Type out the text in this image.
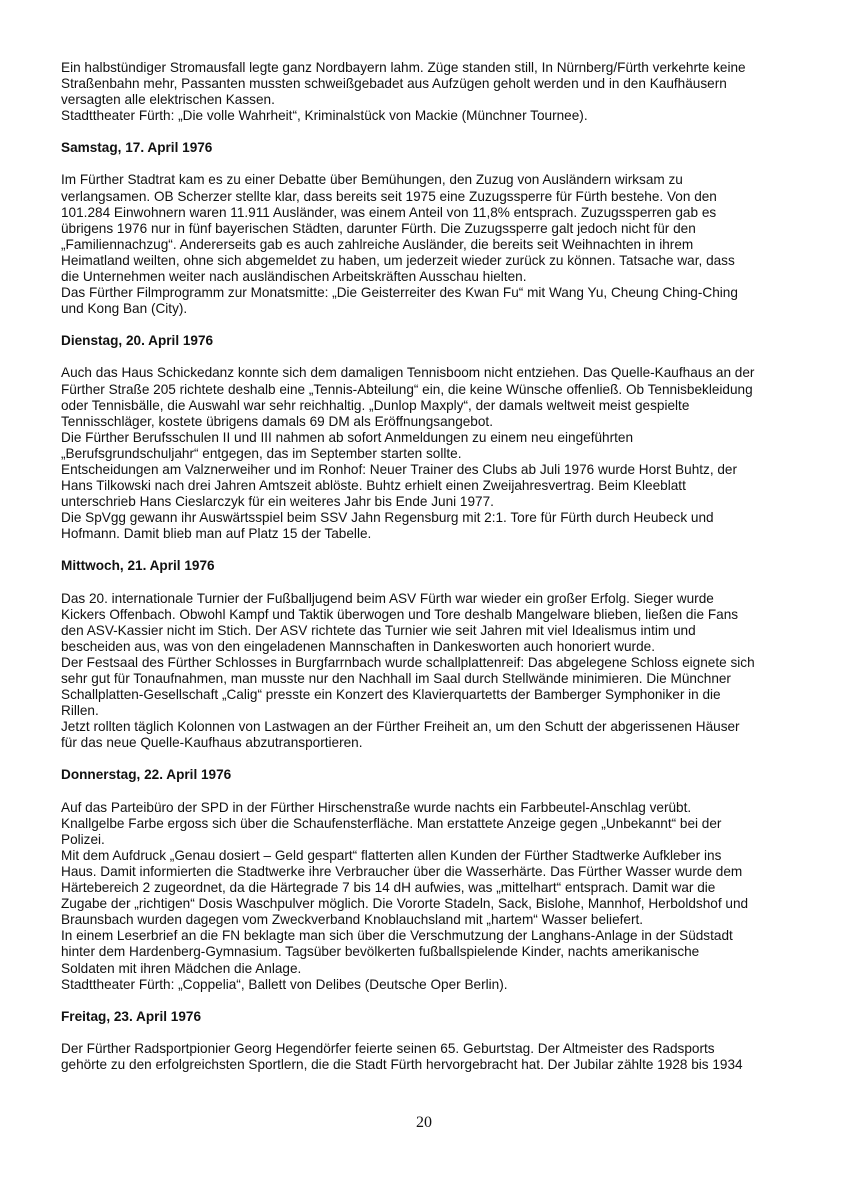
Ein halbstündiger Stromausfall legte ganz Nordbayern lahm. Züge standen still, In Nürnberg/Fürth verkehrte keine
Straßenbahn mehr, Passanten mussten schweißgebadet aus Aufzügen geholt werden und in den Kaufhäusern
versagten alle elektrischen Kassen.
Stadttheater Fürth: „Die volle Wahrheit“, Kriminalstück von Mackie (Münchner Tournee).

Samstag, 17. April 1976

Im Fürther Stadtrat kam es zu einer Debatte über Bemühungen, den Zuzug von Ausländern wirksam zu
verlangsamen. OB Scherzer stellte klar, dass bereits seit 1975 eine Zuzugssperre für Fürth bestehe. Von den
101.284 Einwohnern waren 11.911 Ausländer, was einem Anteil von 11,8% entsprach. Zuzugssperren gab es
übrigens 1976 nur in fünf bayerischen Städten, darunter Fürth. Die Zuzugssperre galt jedoch nicht für den
„Familiennachzug“. Andererseits gab es auch zahlreiche Ausländer, die bereits seit Weihnachten in ihrem
Heimatland weilten, ohne sich abgemeldet zu haben, um jederzeit wieder zurück zu können. Tatsache war, dass
die Unternehmen weiter nach ausländischen Arbeitskräften Ausschau hielten.
Das Fürther Filmprogramm zur Monatsmitte: „Die Geisterreiter des Kwan Fu“ mit Wang Yu, Cheung Ching-Ching
und Kong Ban (City).

Dienstag, 20. April 1976

Auch das Haus Schickedanz konnte sich dem damaligen Tennisboom nicht entziehen. Das Quelle-Kaufhaus an der
Fürther Straße 205 richtete deshalb eine „Tennis-Abteilung“ ein, die keine Wünsche offenließ. Ob Tennisbekleidung
oder Tennisbälle, die Auswahl war sehr reichhaltig. „Dunlop Maxply“, der damals weltweit meist gespielte
Tennisschläger, kostete übrigens damals 69 DM als Eröffnungsangebot.
Die Fürther Berufsschulen II und III nahmen ab sofort Anmeldungen zu einem neu eingeführten
„Berufsgrundschuljahr“ entgegen, das im September starten sollte.
Entscheidungen am Valznerweiher und im Ronhof: Neuer Trainer des Clubs ab Juli 1976 wurde Horst Buhtz, der
Hans Tilkowski nach drei Jahren Amtszeit ablöste. Buhtz erhielt einen Zweijahresvertrag. Beim Kleeblatt
unterschrieb Hans Cieslarczyk für ein weiteres Jahr bis Ende Juni 1977.
Die SpVgg gewann ihr Auswärtsspiel beim SSV Jahn Regensburg mit 2:1. Tore für Fürth durch Heubeck und
Hofmann. Damit blieb man auf Platz 15 der Tabelle.

Mittwoch, 21. April 1976

Das 20. internationale Turnier der Fußballjugend beim ASV Fürth war wieder ein großer Erfolg. Sieger wurde
Kickers Offenbach. Obwohl Kampf und Taktik überwogen und Tore deshalb Mangelware blieben, ließen die Fans
den ASV-Kassier nicht im Stich. Der ASV richtete das Turnier wie seit Jahren mit viel Idealismus intim und
bescheiden aus, was von den eingeladenen Mannschaften in Dankesworten auch honoriert wurde.
Der Festsaal des Fürther Schlosses in Burgfarrnbach wurde schallplattenreif: Das abgelegene Schloss eignete sich
sehr gut für Tonaufnahmen, man musste nur den Nachhall im Saal durch Stellwände minimieren. Die Münchner
Schallplatten-Gesellschaft „Calig“ presste ein Konzert des Klavierquartetts der Bamberger Symphoniker in die
Rillen.
Jetzt rollten täglich Kolonnen von Lastwagen an der Fürther Freiheit an, um den Schutt der abgerissenen Häuser
für das neue Quelle-Kaufhaus abzutransportieren.

Donnerstag, 22. April 1976

Auf das Parteibüro der SPD in der Fürther Hirschenstraße wurde nachts ein Farbbeutel-Anschlag verübt.
Knallgelbe Farbe ergoss sich über die Schaufensterfläche. Man erstattete Anzeige gegen „Unbekannt“ bei der
Polizei.
Mit dem Aufdruck „Genau dosiert – Geld gespart“ flatterten allen Kunden der Fürther Stadtwerke Aufkleber ins
Haus. Damit informierten die Stadtwerke ihre Verbraucher über die Wasserhärte. Das Fürther Wasser wurde dem
Härtebereich 2 zugeordnet, da die Härtegrade 7 bis 14 dH aufwies, was „mittelhart“ entsprach. Damit war die
Zugabe der „richtigen“ Dosis Waschpulver möglich. Die Vororte Stadeln, Sack, Bislohe, Mannhof, Herboldshof und
Braunsbach wurden dagegen vom Zweckverband Knoblauchsland mit „hartem“ Wasser beliefert.
In einem Leserbrief an die FN beklagte man sich über die Verschmutzung der Langhans-Anlage in der Südstadt
hinter dem Hardenberg-Gymnasium. Tagsüber bevölkerten fußballspielende Kinder, nachts amerikanische
Soldaten mit ihren Mädchen die Anlage.
Stadttheater Fürth: „Coppelia“, Ballett von Delibes (Deutsche Oper Berlin).

Freitag, 23. April 1976

Der Fürther Radsportpionier Georg Hegendörfer feierte seinen 65. Geburtstag. Der Altmeister des Radsports
gehörte zu den erfolgreichsten Sportlern, die die Stadt Fürth hervorgebracht hat. Der Jubilar zählte 1928 bis 1934

20
